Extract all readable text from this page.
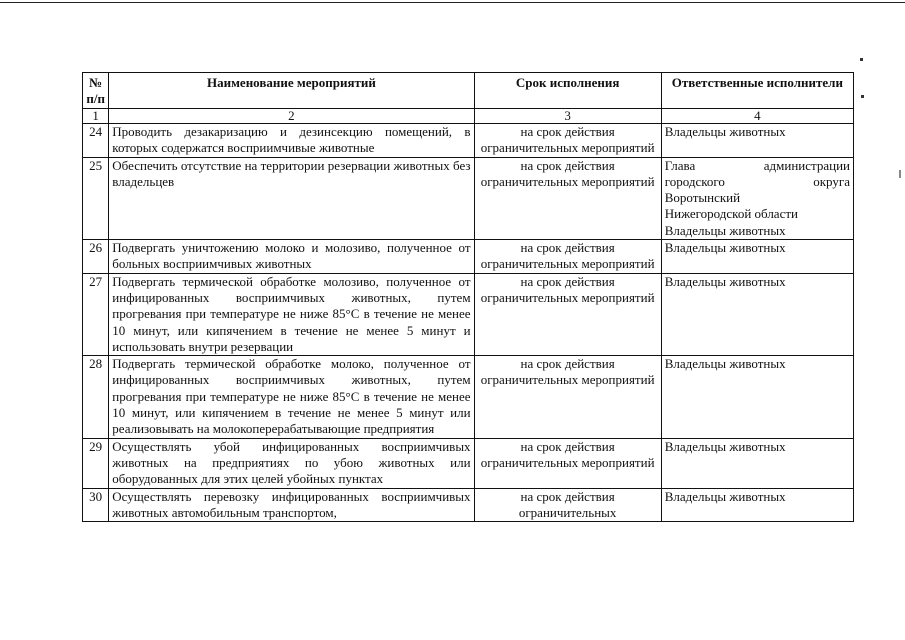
№ п/п	Наименование мероприятий	Срок исполнения	Ответственные исполнители
1	2	3	4
24	Проводить дезакаризацию и дезинсекцию помещений, в которых содержатся восприимчивые животные	на срок действия ограничительных мероприятий	Владельцы животных

25	Обеспечить отсутствие на территории резервации животных без владельцев	на срок действия ограничительных мероприятий	Глава администрации
городского округа
Воротынский
Нижегородской области
Владельцы животных

26	Подвергать уничтожению молоко и молозиво, полученное от больных восприимчивых животных	на срок действия ограничительных мероприятий	Владельцы животных

27	Подвергать термической обработке молозиво, полученное от инфицированных восприимчивых животных, путем прогревания при температуре не ниже 85°С в течение не менее 10 минут, или кипячением в течение не менее 5 минут и использовать внутри резервации	на срок действия ограничительных мероприятий	Владельцы животных

28	Подвергать термической обработке молоко, полученное от инфицированных восприимчивых животных, путем прогревания при температуре не ниже 85°С в течение не менее 10 минут, или кипячением в течение не менее 5 минут или реализовывать на молокоперерабатывающие предприятия	на срок действия ограничительных мероприятий	Владельцы животных

29	Осуществлять убой инфицированных восприимчивых животных на предприятиях по убою животных или оборудованных для этих целей убойных пунктах	на срок действия ограничительных мероприятий	Владельцы животных

30	Осуществлять перевозку инфицированных восприимчивых животных автомобильным транспортом,	на срок действия ограничительных	Владельцы животных
